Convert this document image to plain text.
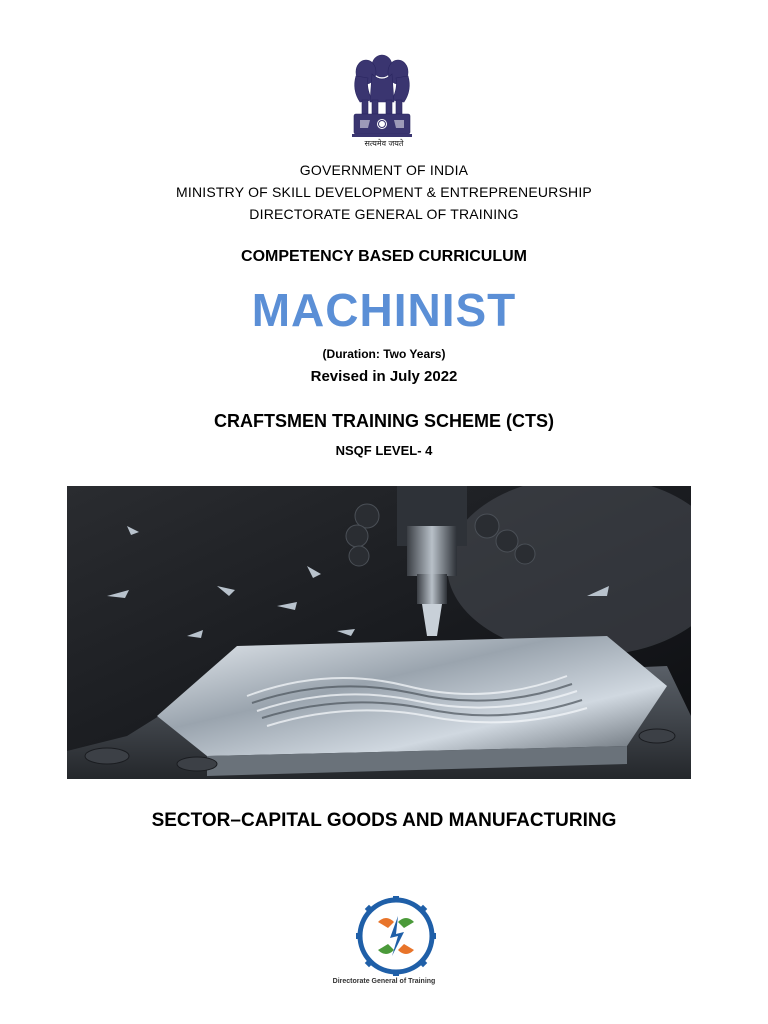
सत्यमेव जयते
GOVERNMENT OF INDIA
MINISTRY OF SKILL DEVELOPMENT & ENTREPRENEURSHIP
DIRECTORATE GENERAL OF TRAINING
COMPETENCY BASED CURRICULUM
MACHINIST
(Duration: Two Years)
Revised in July 2022
CRAFTSMEN TRAINING SCHEME (CTS)
NSQF LEVEL- 4
SECTOR–CAPITAL GOODS AND MANUFACTURING
Directorate General of Training
